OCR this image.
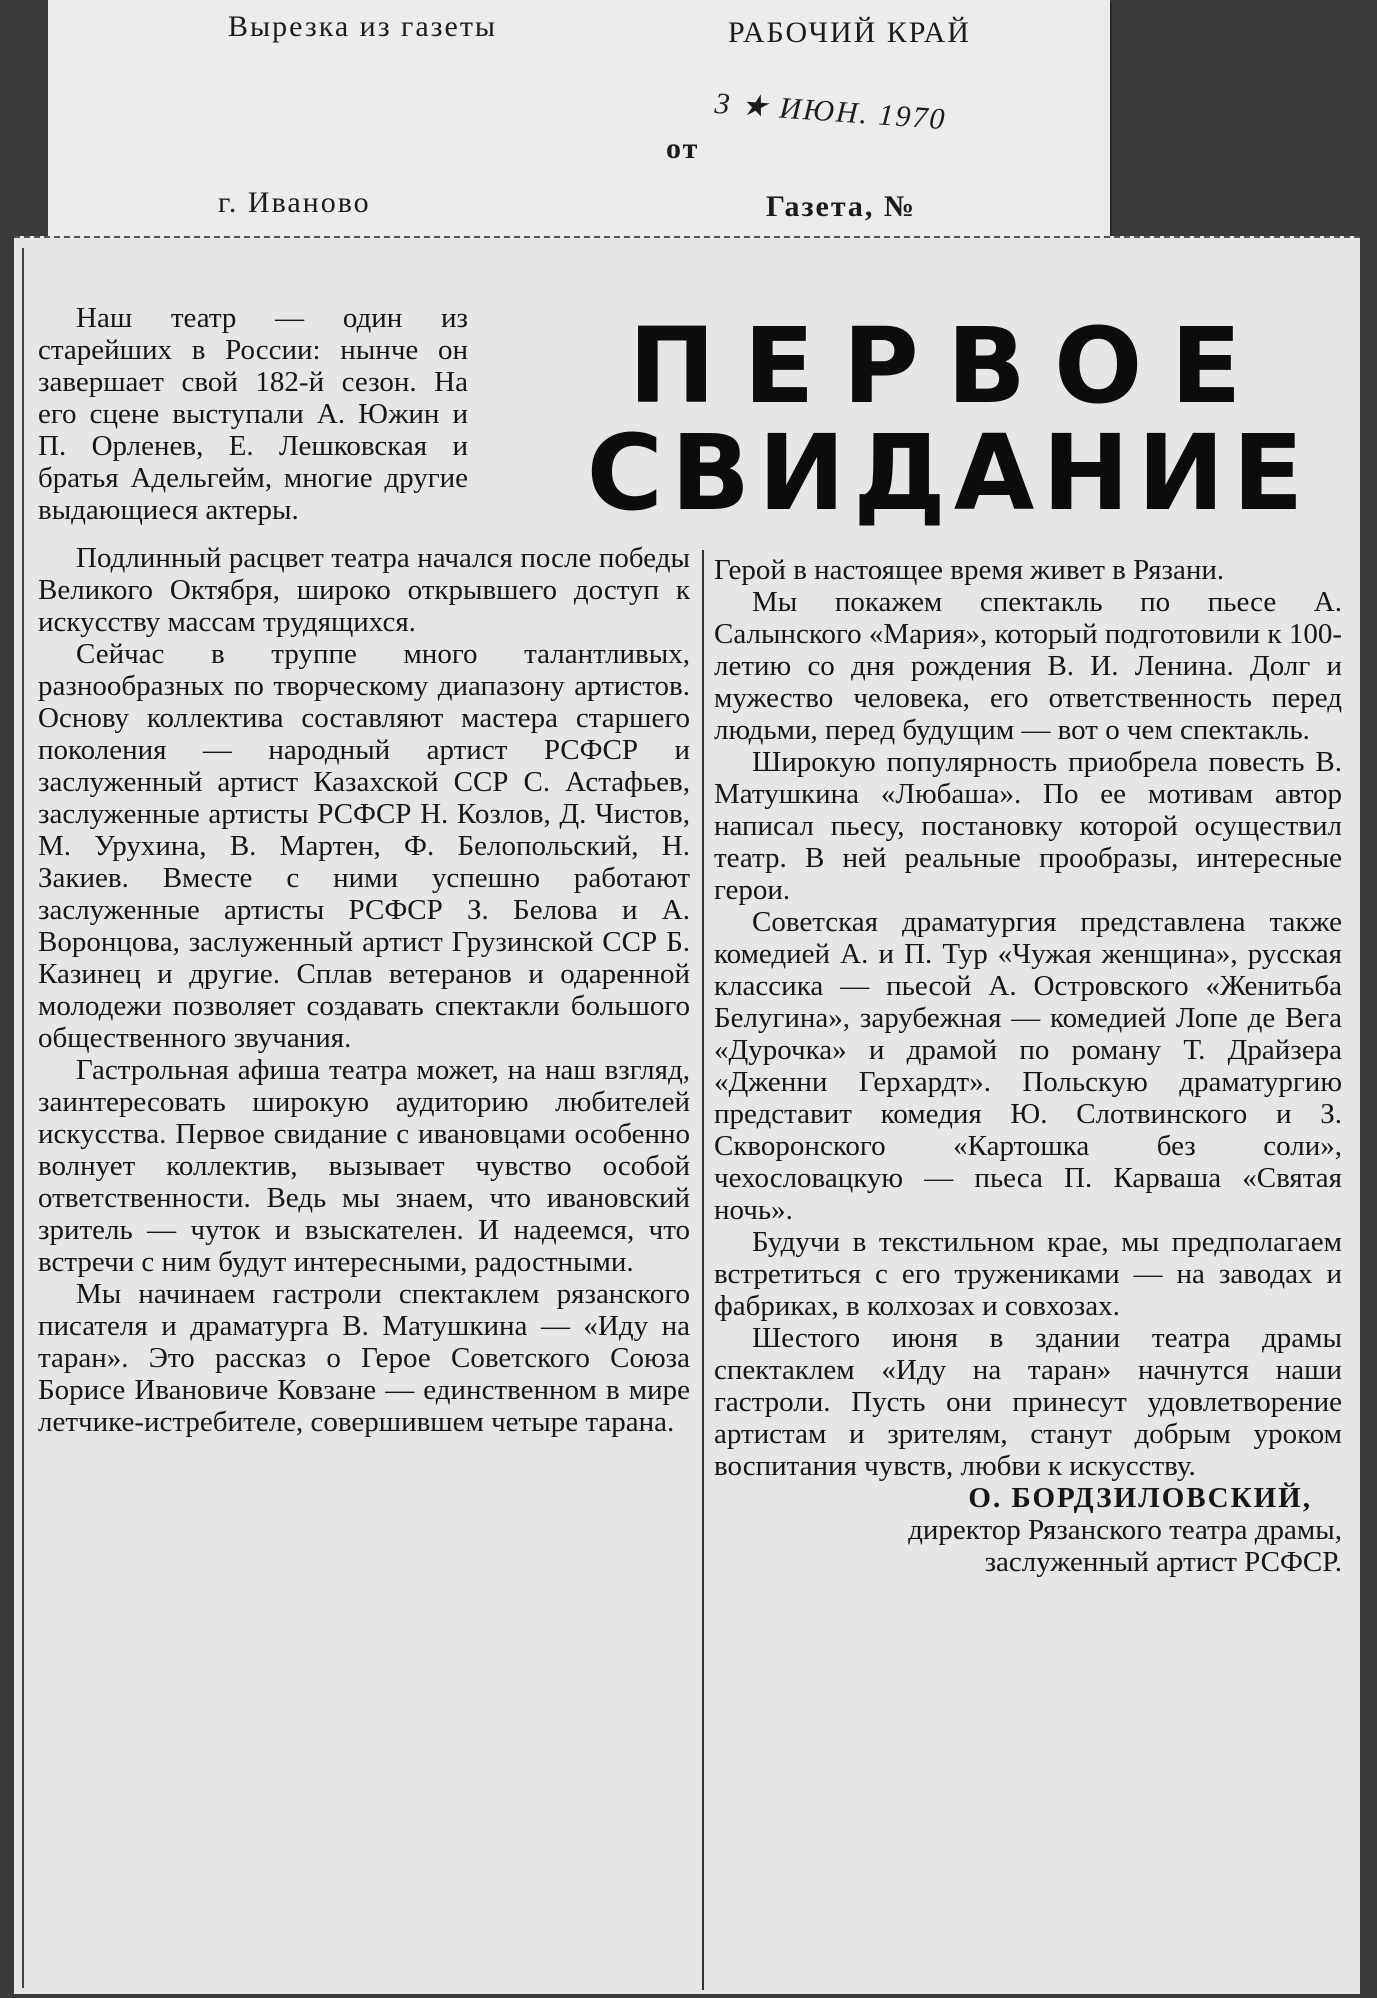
Вырезка из газеты	РАБОЧИЙ КРАЙ
от
3 ★ ИЮН. 1970
г. Иваново	Газета, №
ПЕРВОЕ
СВИДАНИЕ

Наш театр — один из старейших в России: нынче он завершает свой 182-й сезон. На его сцене выступали А. Южин и П. Орленев, Е. Лешковская и братья Адельгейм, многие другие выдающиеся актеры.

Подлинный расцвет театра начался после победы Великого Октября, широко открывшего доступ к искусству массам трудящихся.

Сейчас в труппе много талантливых, разнообразных по творческому диапазону артистов. Основу коллектива составляют мастера старшего поколения — народный артист РСФСР и заслуженный артист Казахской ССР С. Астафьев, заслуженные артисты РСФСР Н. Козлов, Д. Чистов, М. Урухина, В. Мартен, Ф. Белопольский, Н. Закиев. Вместе с ними успешно работают заслуженные артисты РСФСР З. Белова и А. Воронцова, заслуженный артист Грузинской ССР Б. Казинец и другие. Сплав ветеранов и одаренной молодежи позволяет создавать спектакли большого общественного звучания.

Гастрольная афиша театра может, на наш взгляд, заинтересовать широкую аудиторию любителей искусства. Первое свидание с ивановцами особенно волнует коллектив, вызывает чувство особой ответственности. Ведь мы знаем, что ивановский зритель — чуток и взыскателен. И надеемся, что встречи с ним будут интересными, радостными.

Мы начинаем гастроли спектаклем рязанского писателя и драматурга В. Матушкина — «Иду на таран». Это рассказ о Герое Советского Союза Борисе Ивановиче Ковзане — единственном в мире летчике-истребителе, совершившем четыре тарана.

Герой в настоящее время живет в Рязани.

Мы покажем спектакль по пьесе А. Салынского «Мария», который подготовили к 100-летию со дня рождения В. И. Ленина. Долг и мужество человека, его ответственность перед людьми, перед будущим — вот о чем спектакль.

Широкую популярность приобрела повесть В. Матушкина «Любаша». По ее мотивам автор написал пьесу, постановку которой осуществил театр. В ней реальные прообразы, интересные герои.

Советская драматургия представлена также комедией А. и П. Тур «Чужая женщина», русская классика — пьесой А. Островского «Женитьба Белугина», зарубежная — комедией Лопе де Вега «Дурочка» и драмой по роману Т. Драйзера «Дженни Герхардт». Польскую драматургию представит комедия Ю. Слотвинского и З. Скворонского «Картошка без соли», чехословацкую — пьеса П. Карваша «Святая ночь».

Будучи в текстильном крае, мы предполагаем встретиться с его тружениками — на заводах и фабриках, в колхозах и совхозах.

Шестого июня в здании театра драмы спектаклем «Иду на таран» начнутся наши гастроли. Пусть они принесут удовлетворение артистам и зрителям, станут добрым уроком воспитания чувств, любви к искусству.

О. БОРДЗИЛОВСКИЙ,

директор Рязанского театра драмы, заслуженный артист РСФСР.
